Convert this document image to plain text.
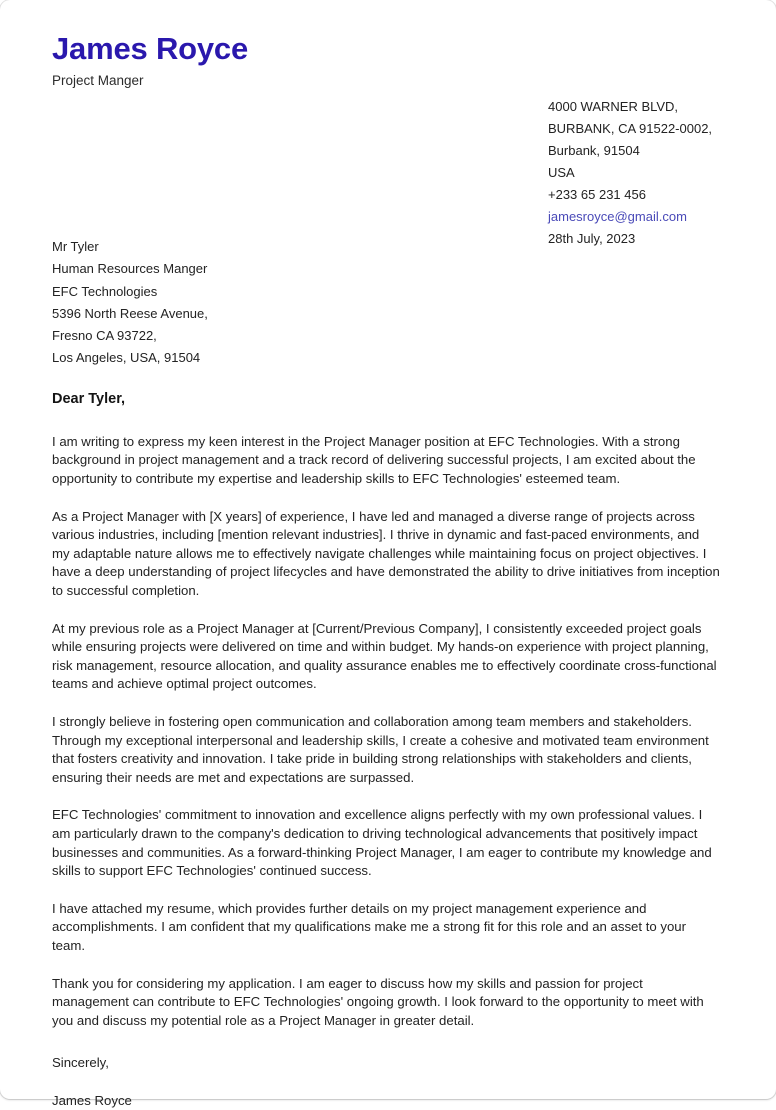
James Royce
Project Manger
4000 WARNER BLVD,
BURBANK, CA 91522-0002,
Burbank, 91504
USA
+233 65 231 456
jamesroyce@gmail.com
28th July, 2023
Mr Tyler
Human Resources Manger
EFC Technologies
5396 North Reese Avenue,
Fresno CA 93722,
Los Angeles, USA, 91504
Dear Tyler,

I am writing to express my keen interest in the Project Manager position at EFC Technologies. With a strong background in project management and a track record of delivering successful projects, I am excited about the opportunity to contribute my expertise and leadership skills to EFC Technologies' esteemed team.

As a Project Manager with [X years] of experience, I have led and managed a diverse range of projects across various industries, including [mention relevant industries]. I thrive in dynamic and fast-paced environments, and my adaptable nature allows me to effectively navigate challenges while maintaining focus on project objectives. I have a deep understanding of project lifecycles and have demonstrated the ability to drive initiatives from inception to successful completion.

At my previous role as a Project Manager at [Current/Previous Company], I consistently exceeded project goals while ensuring projects were delivered on time and within budget. My hands-on experience with project planning, risk management, resource allocation, and quality assurance enables me to effectively coordinate cross-functional teams and achieve optimal project outcomes.

I strongly believe in fostering open communication and collaboration among team members and stakeholders. Through my exceptional interpersonal and leadership skills, I create a cohesive and motivated team environment that fosters creativity and innovation. I take pride in building strong relationships with stakeholders and clients, ensuring their needs are met and expectations are surpassed.

EFC Technologies' commitment to innovation and excellence aligns perfectly with my own professional values. I am particularly drawn to the company's dedication to driving technological advancements that positively impact businesses and communities. As a forward-thinking Project Manager, I am eager to contribute my knowledge and skills to support EFC Technologies' continued success.

I have attached my resume, which provides further details on my project management experience and accomplishments. I am confident that my qualifications make me a strong fit for this role and an asset to your team.

Thank you for considering my application. I am eager to discuss how my skills and passion for project management can contribute to EFC Technologies' ongoing growth. I look forward to the opportunity to meet with you and discuss my potential role as a Project Manager in greater detail.

Sincerely,
James Royce
